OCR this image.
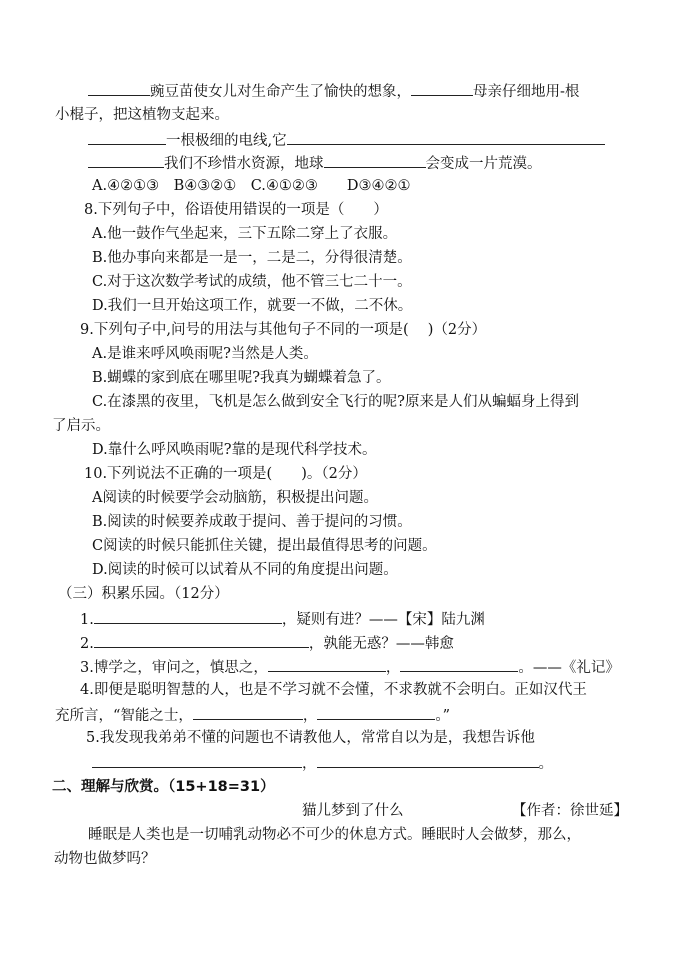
豌豆苗使女儿对生命产生了愉快的想象，	母亲仔细地用-根
小棍子，把这植物支起来。
一根极细的电线,它
我们不珍惜水资源，地球	会变成一片荒漠。
A.④②①③　B④③②①　C.④①②③　　D③④②①
8.下列句子中，俗语使用错误的一项是（　　）
A.他一鼓作气坐起来，三下五除二穿上了衣服。
B.他办事向来都是一是一，二是二，分得很清楚。
C.对于这次数学考试的成绩，他不管三七二十一。
D.我们一旦开始这项工作，就要一不做，二不休。
9.下列句子中,问号的用法与其他句子不同的一项是(　 )（2分）
A.是谁来呼风唤雨呢?当然是人类。
B.蝴蝶的家到底在哪里呢?我真为蝴蝶着急了。
C.在漆黑的夜里，飞机是怎么做到安全飞行的呢?原来是人们从蝙蝠身上得到
了启示。
D.靠什么呼风唤雨呢?靠的是现代科学技术。
10.下列说法不正确的一项是(　　)。（2分）
A阅读的时候要学会动脑筋，积极提出问题。
B.阅读的时候要养成敢于提问、善于提问的习惯。
C阅读的时候只能抓住关键，提出最值得思考的问题。
D.阅读的时候可以试着从不同的角度提出问题。
（三）积累乐园。（12分）
1.	，疑则有进？——【宋】陆九渊
2.	，孰能无惑？——韩愈
3.博学之，审问之，慎思之，	，	。——《礼记》
4.即便是聪明智慧的人，也是不学习就不会懂，不求教就不会明白。正如汉代王
充所言，“智能之士，	，	。”
5.我发现我弟弟不懂的问题也不请教他人，常常自以为是，我想告诉他
，	。
二、理解与欣赏。（15+18=31）
猫儿梦到了什么	【作者：徐世延】
睡眠是人类也是一切哺乳动物必不可少的休息方式。睡眠时人会做梦，那么，
动物也做梦吗？
